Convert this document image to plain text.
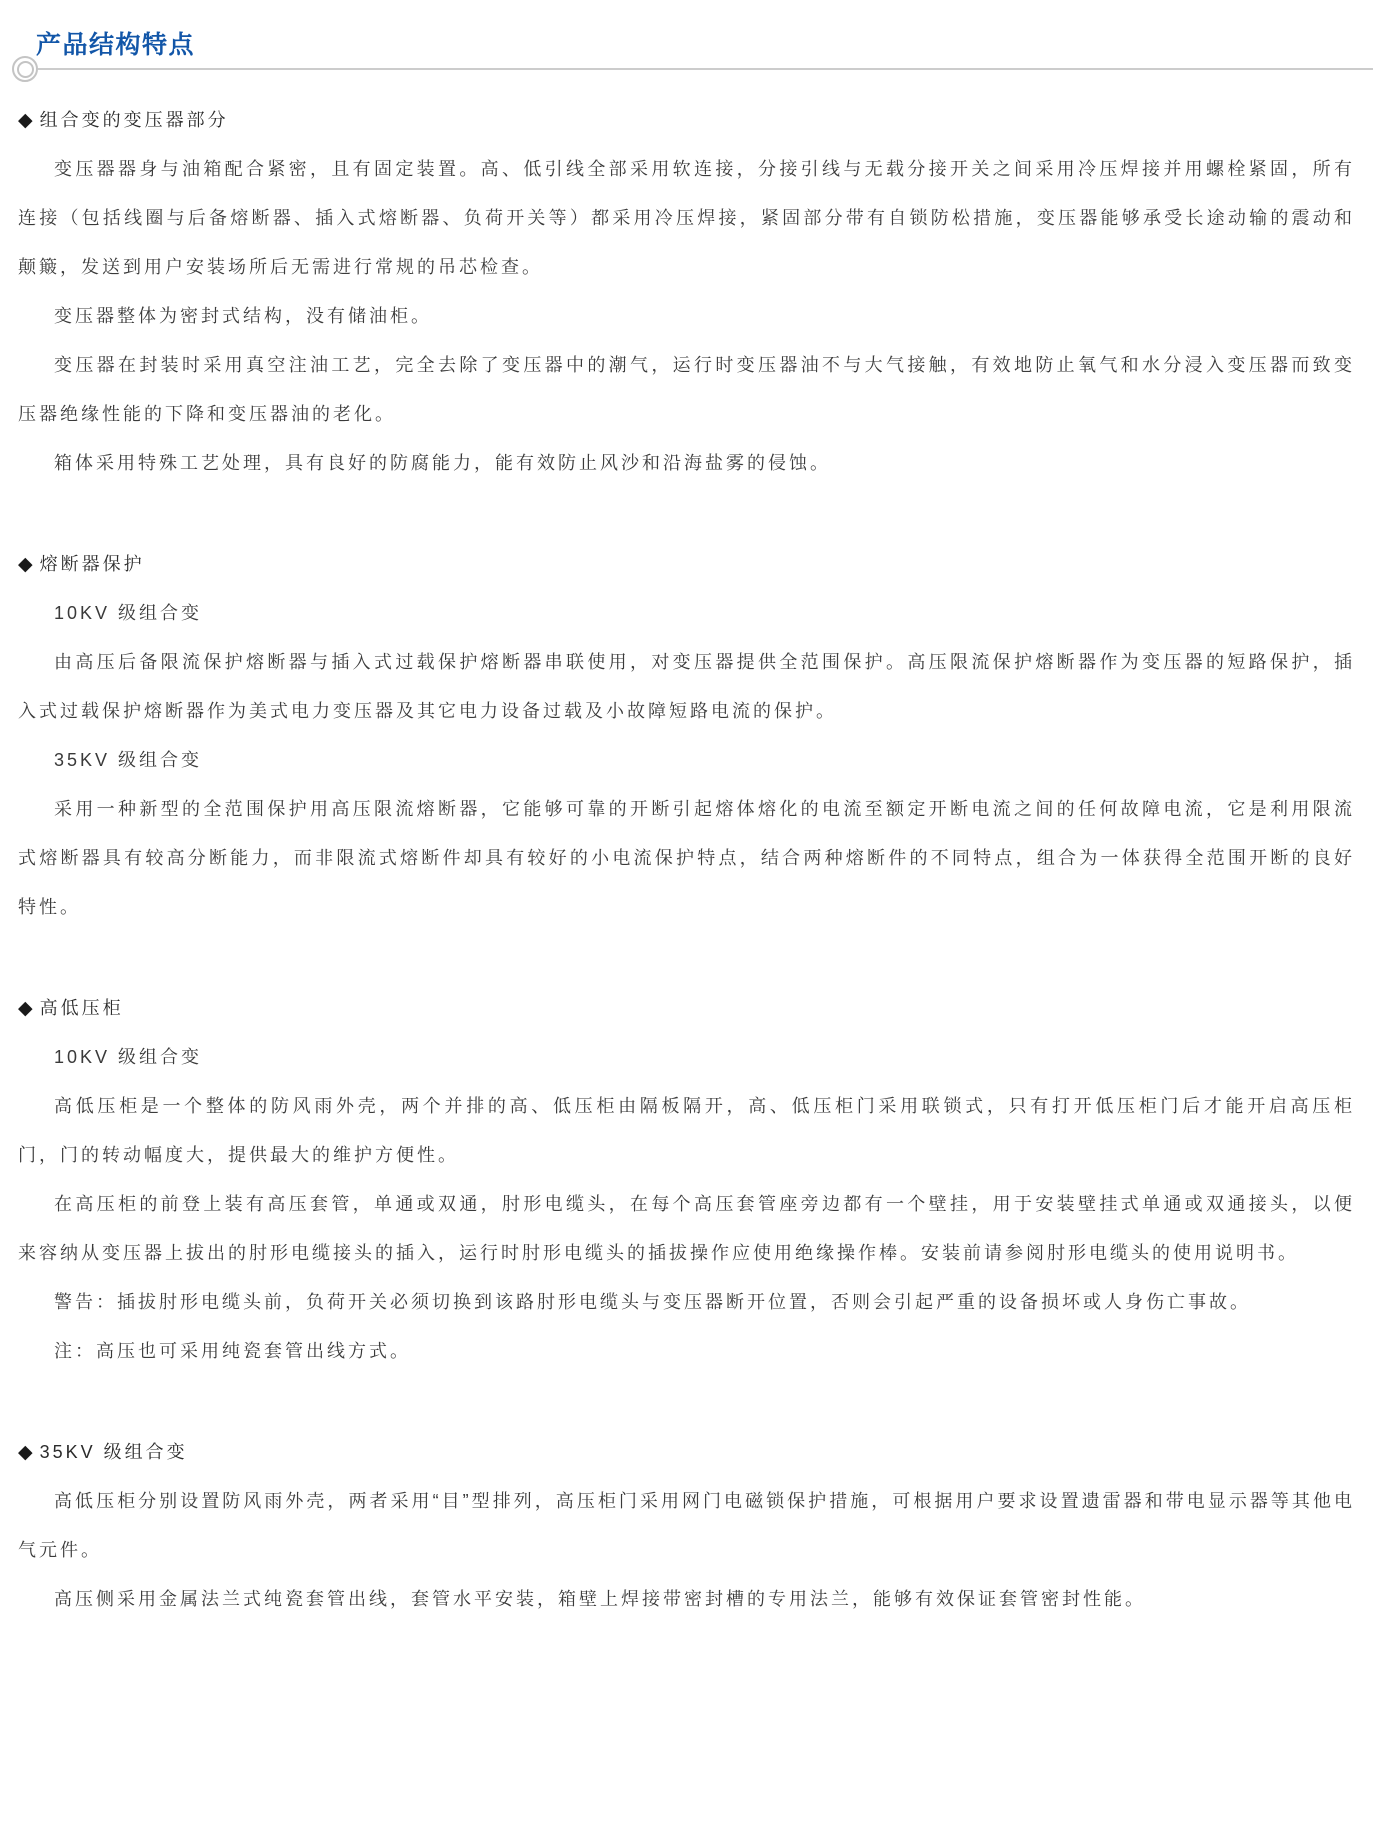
产品结构特点
◆ 组合变的变压器部分

变压器器身与油箱配合紧密，且有固定装置。高、低引线全部采用软连接，分接引线与无载分接开关之间采用冷压焊接并用螺栓紧固，所有连接（包括线圈与后备熔断器、插入式熔断器、负荷开关等）都采用冷压焊接，紧固部分带有自锁防松措施，变压器能够承受长途动输的震动和颠簸，发送到用户安装场所后无需进行常规的吊芯检查。

变压器整体为密封式结构，没有储油柜。

变压器在封装时采用真空注油工艺，完全去除了变压器中的潮气，运行时变压器油不与大气接触，有效地防止氧气和水分浸入变压器而致变压器绝缘性能的下降和变压器油的老化。

箱体采用特殊工艺处理，具有良好的防腐能力，能有效防止风沙和沿海盐雾的侵蚀。

◆ 熔断器保护

10KV 级组合变

由高压后备限流保护熔断器与插入式过载保护熔断器串联使用，对变压器提供全范围保护。高压限流保护熔断器作为变压器的短路保护，插入式过载保护熔断器作为美式电力变压器及其它电力设备过载及小故障短路电流的保护。

35KV 级组合变

采用一种新型的全范围保护用高压限流熔断器，它能够可靠的开断引起熔体熔化的电流至额定开断电流之间的任何故障电流，它是利用限流式熔断器具有较高分断能力，而非限流式熔断件却具有较好的小电流保护特点，结合两种熔断件的不同特点，组合为一体获得全范围开断的良好特性。

◆ 高低压柜

10KV 级组合变

高低压柜是一个整体的防风雨外壳，两个并排的高、低压柜由隔板隔开，高、低压柜门采用联锁式，只有打开低压柜门后才能开启高压柜门，门的转动幅度大，提供最大的维护方便性。

在高压柜的前登上装有高压套管，单通或双通，肘形电缆头，在每个高压套管座旁边都有一个壁挂，用于安装壁挂式单通或双通接头，以便来容纳从变压器上拔出的肘形电缆接头的插入，运行时肘形电缆头的插拔操作应使用绝缘操作棒。安装前请参阅肘形电缆头的使用说明书。

警告：插拔肘形电缆头前，负荷开关必须切换到该路肘形电缆头与变压器断开位置，否则会引起严重的设备损坏或人身伤亡事故。

注：高压也可采用纯瓷套管出线方式。

◆ 35KV 级组合变

高低压柜分别设置防风雨外壳，两者采用“目”型排列，高压柜门采用网门电磁锁保护措施，可根据用户要求设置遗雷器和带电显示器等其他电气元件。

高压侧采用金属法兰式纯瓷套管出线，套管水平安装，箱壁上焊接带密封槽的专用法兰，能够有效保证套管密封性能。
